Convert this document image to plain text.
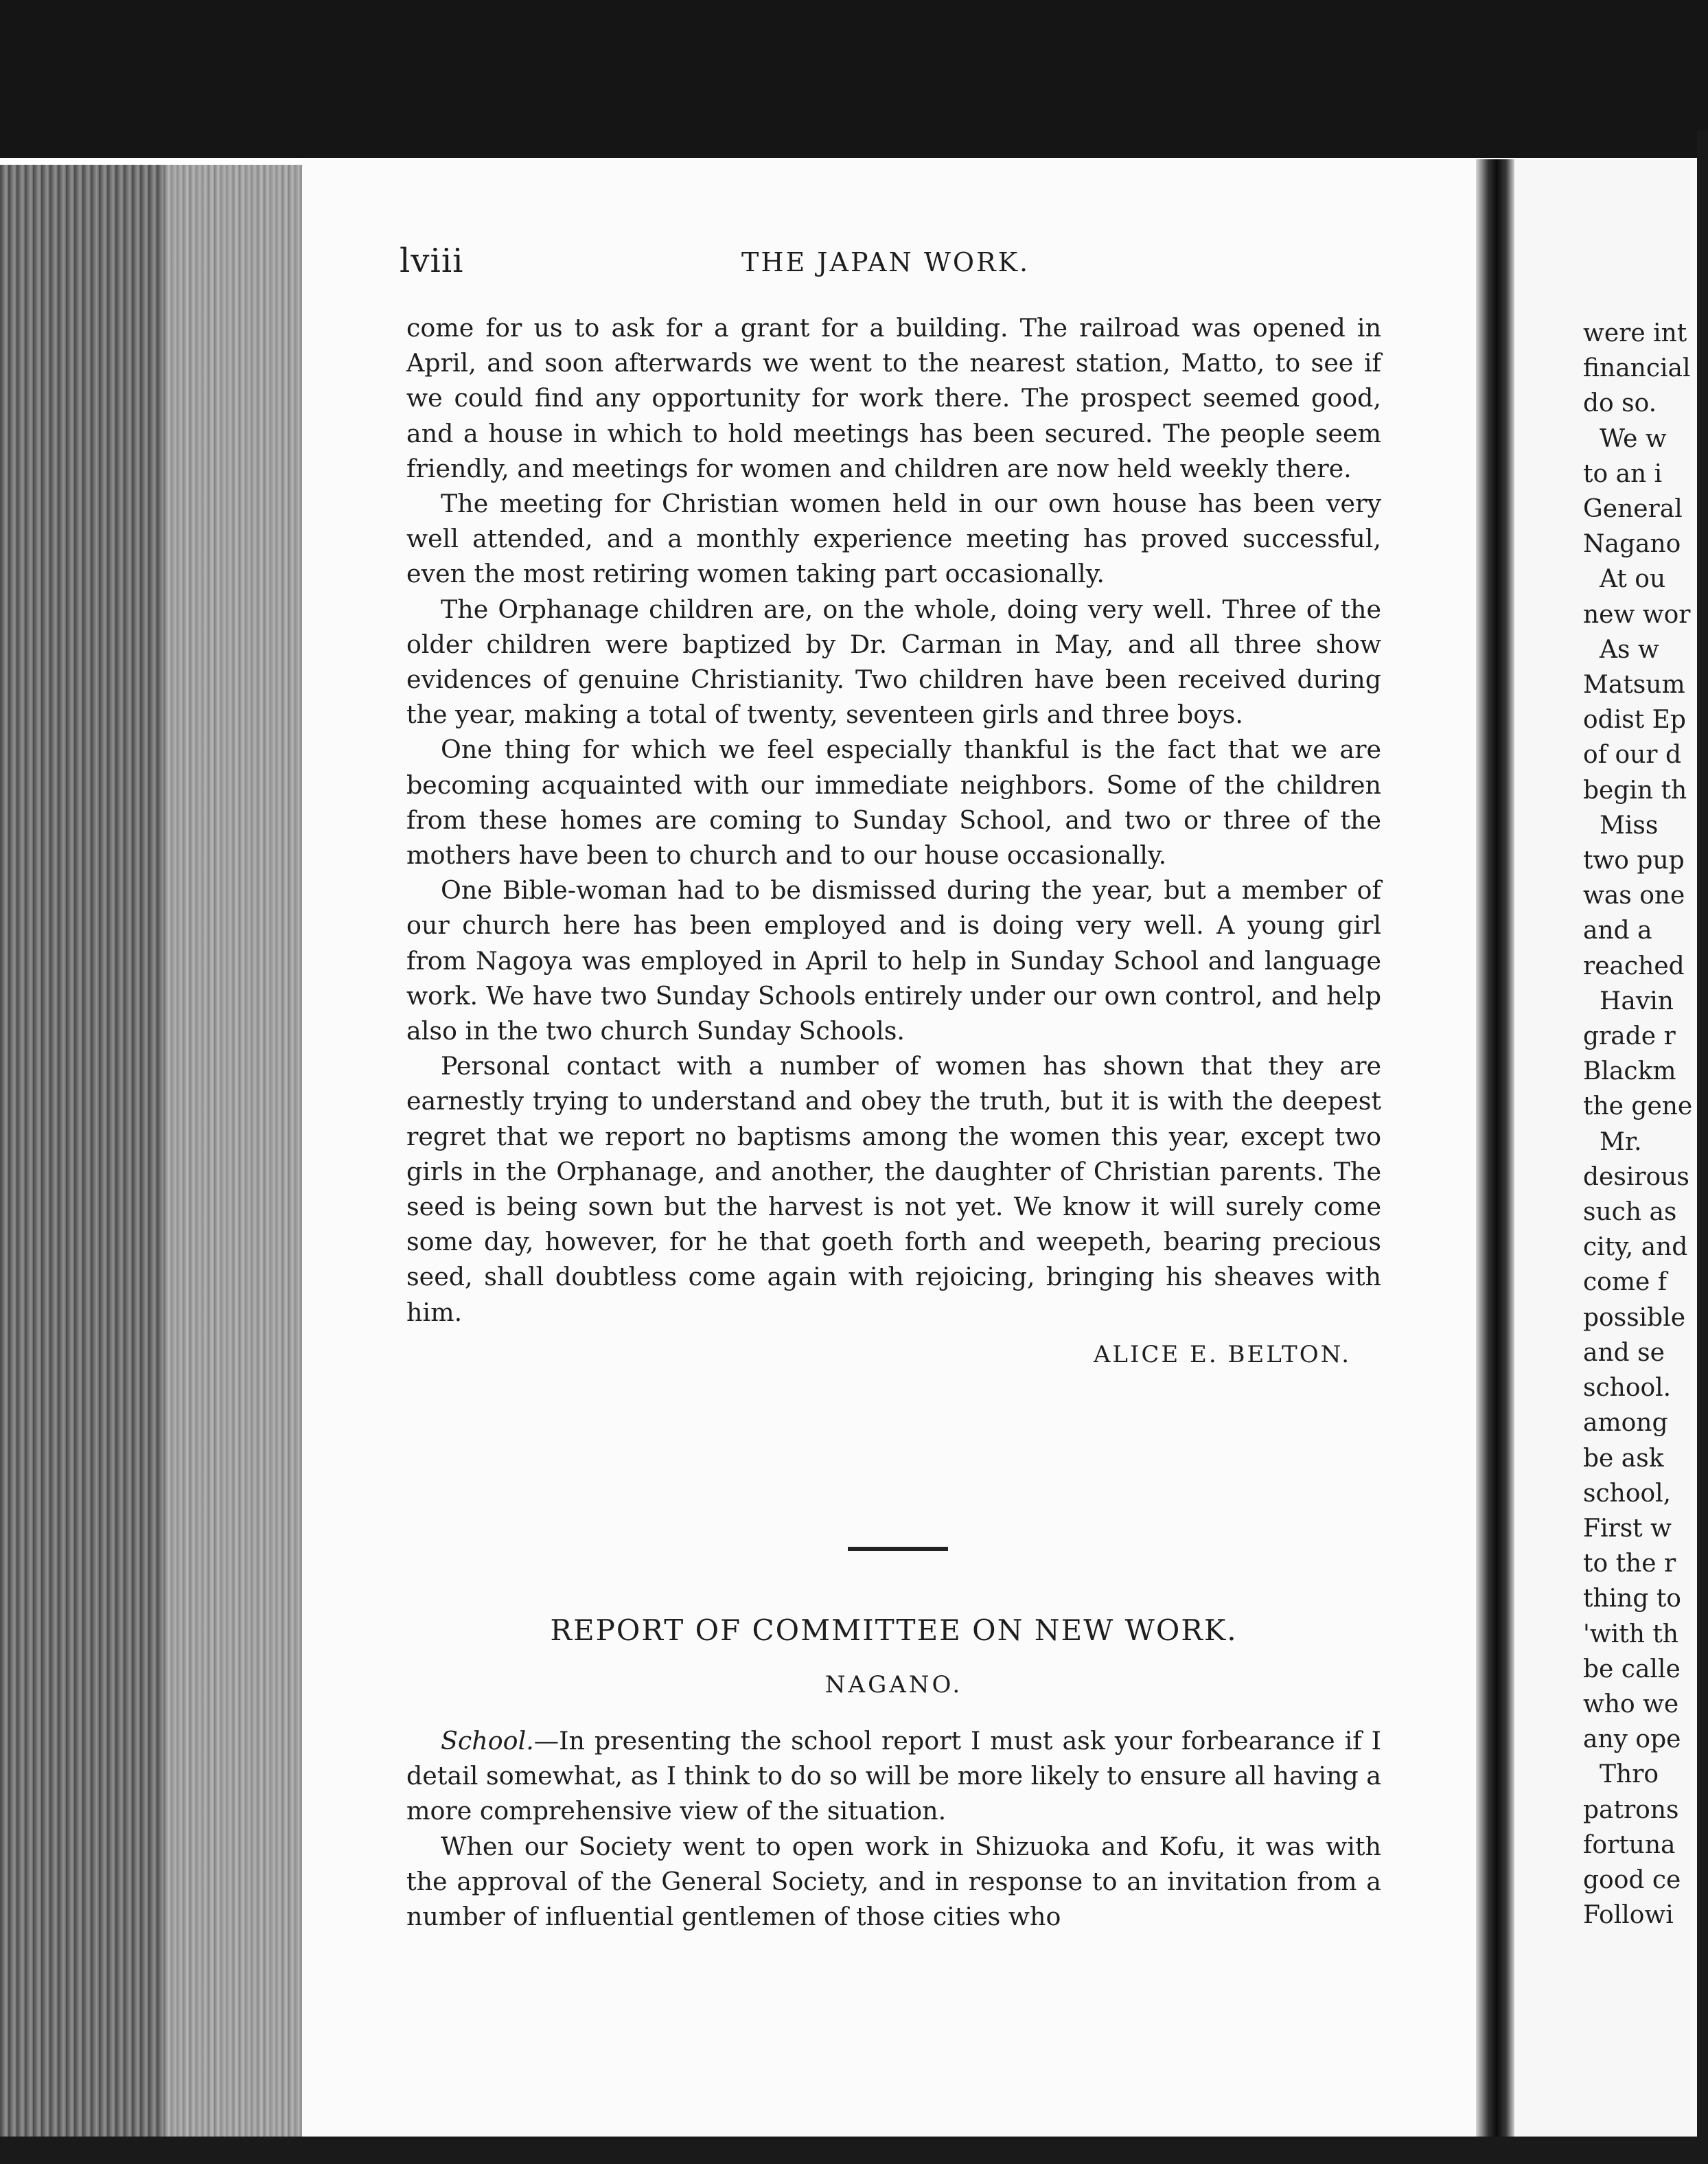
lviii	THE JAPAN WORK.

come for us to ask for a grant for a building. The railroad was opened in April, and soon afterwards we went to the nearest station, Matto, to see if we could find any opportunity for work there. The prospect seemed good, and a house in which to hold meetings has been secured. The people seem friendly, and meetings for women and children are now held weekly there.

The meeting for Christian women held in our own house has been very well attended, and a monthly experience meeting has proved successful, even the most retiring women taking part occasionally.

The Orphanage children are, on the whole, doing very well. Three of the older children were baptized by Dr. Carman in May, and all three show evidences of genuine Christianity. Two children have been received during the year, making a total of twenty, seventeen girls and three boys.

One thing for which we feel especially thankful is the fact that we are becoming acquainted with our immediate neighbors. Some of the children from these homes are coming to Sunday School, and two or three of the mothers have been to church and to our house occasionally.

One Bible-woman had to be dismissed during the year, but a member of our church here has been employed and is doing very well. A young girl from Nagoya was employed in April to help in Sunday School and language work. We have two Sunday Schools entirely under our own control, and help also in the two church Sunday Schools.

Personal contact with a number of women has shown that they are earnestly trying to understand and obey the truth, but it is with the deepest regret that we report no baptisms among the women this year, except two girls in the Orphanage, and another, the daughter of Christian parents. The seed is being sown but the harvest is not yet. We know it will surely come some day, however, for he that goeth forth and weepeth, bearing precious seed, shall doubtless come again with rejoicing, bringing his sheaves with him.

ALICE E. BELTON.
REPORT OF COMMITTEE ON NEW WORK.
NAGANO.

School.—In presenting the school report I must ask your forbearance if I detail somewhat, as I think to do so will be more likely to ensure all having a more comprehensive view of the situation.

When our Society went to open work in Shizuoka and Kofu, it was with the approval of the General Society, and in response to an invitation from a number of influential gentlemen of those cities who

were int

financial

do so.

We w

to an i

General

Nagano

At ou

new wor

As w

Matsum

odist Ep

of our d

begin th

Miss

two pup

was one

and a

reached

Havin

grade r

Blackm

the gene

Mr.

desirous

such as

city, and

come f

possible

and se

school.

among

be ask

school,

First w

to the r

thing to

'with th

be calle

who we

any ope

Thro

patrons

fortuna

good ce

Followi
